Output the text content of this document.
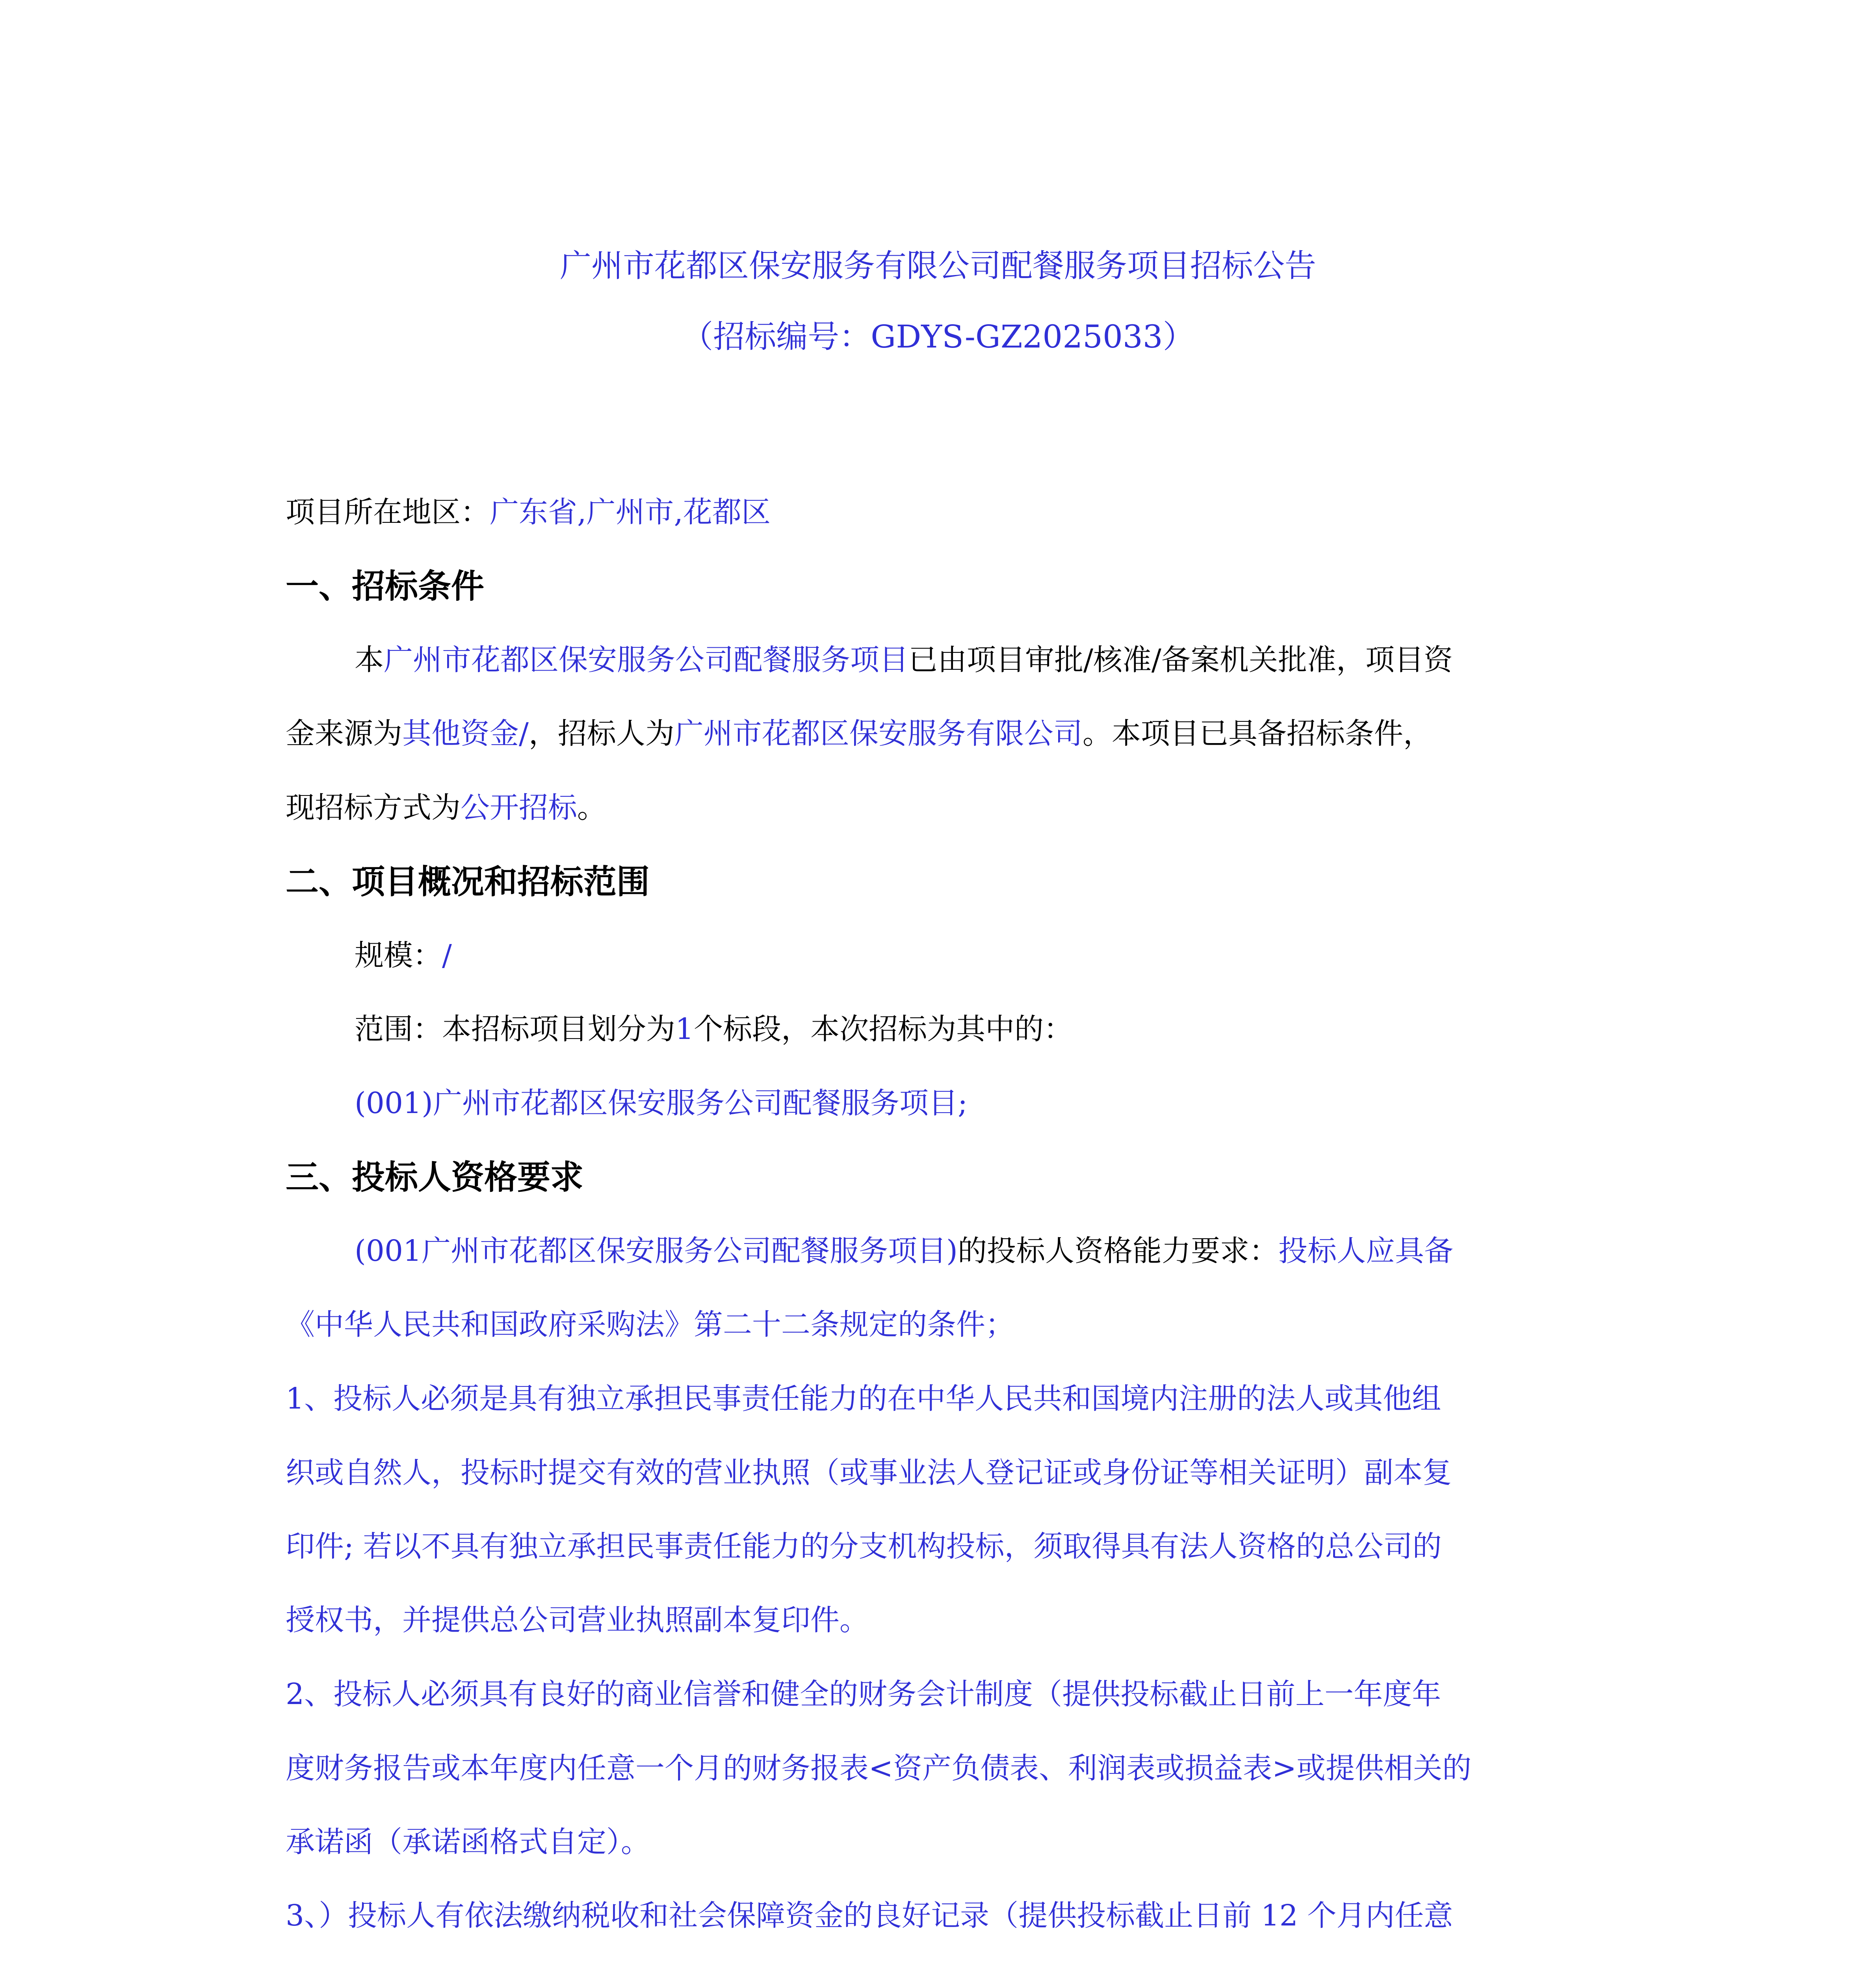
广州市花都区保安服务有限公司配餐服务项目招标公告
（招标编号：GDYS-GZ2025033）
项目所在地区：广东省,广州市,花都区
一、招标条件
本广州市花都区保安服务公司配餐服务项目已由项目审批/核准/备案机关批准，项目资
金来源为其他资金/，招标人为广州市花都区保安服务有限公司。本项目已具备招标条件，
现招标方式为公开招标。
二、项目概况和招标范围
规模：/
范围：本招标项目划分为1个标段，本次招标为其中的：
(001)广州市花都区保安服务公司配餐服务项目;
三、投标人资格要求
(001广州市花都区保安服务公司配餐服务项目)的投标人资格能力要求：投标人应具备
《中华人民共和国政府采购法》第二十二条规定的条件；
1、投标人必须是具有独立承担民事责任能力的在中华人民共和国境内注册的法人或其他组
织或自然人，投标时提交有效的营业执照（或事业法人登记证或身份证等相关证明）副本复
印件; 若以不具有独立承担民事责任能力的分支机构投标，须取得具有法人资格的总公司的
授权书，并提供总公司营业执照副本复印件。
2、投标人必须具有良好的商业信誉和健全的财务会计制度（提供投标截止日前上一年度年
度财务报告或本年度内任意一个月的财务报表<资产负债表、利润表或损益表>或提供相关的
承诺函（承诺函格式自定）。
3、）投标人有依法缴纳税收和社会保障资金的良好记录（提供投标截止日前 12 个月内任意
